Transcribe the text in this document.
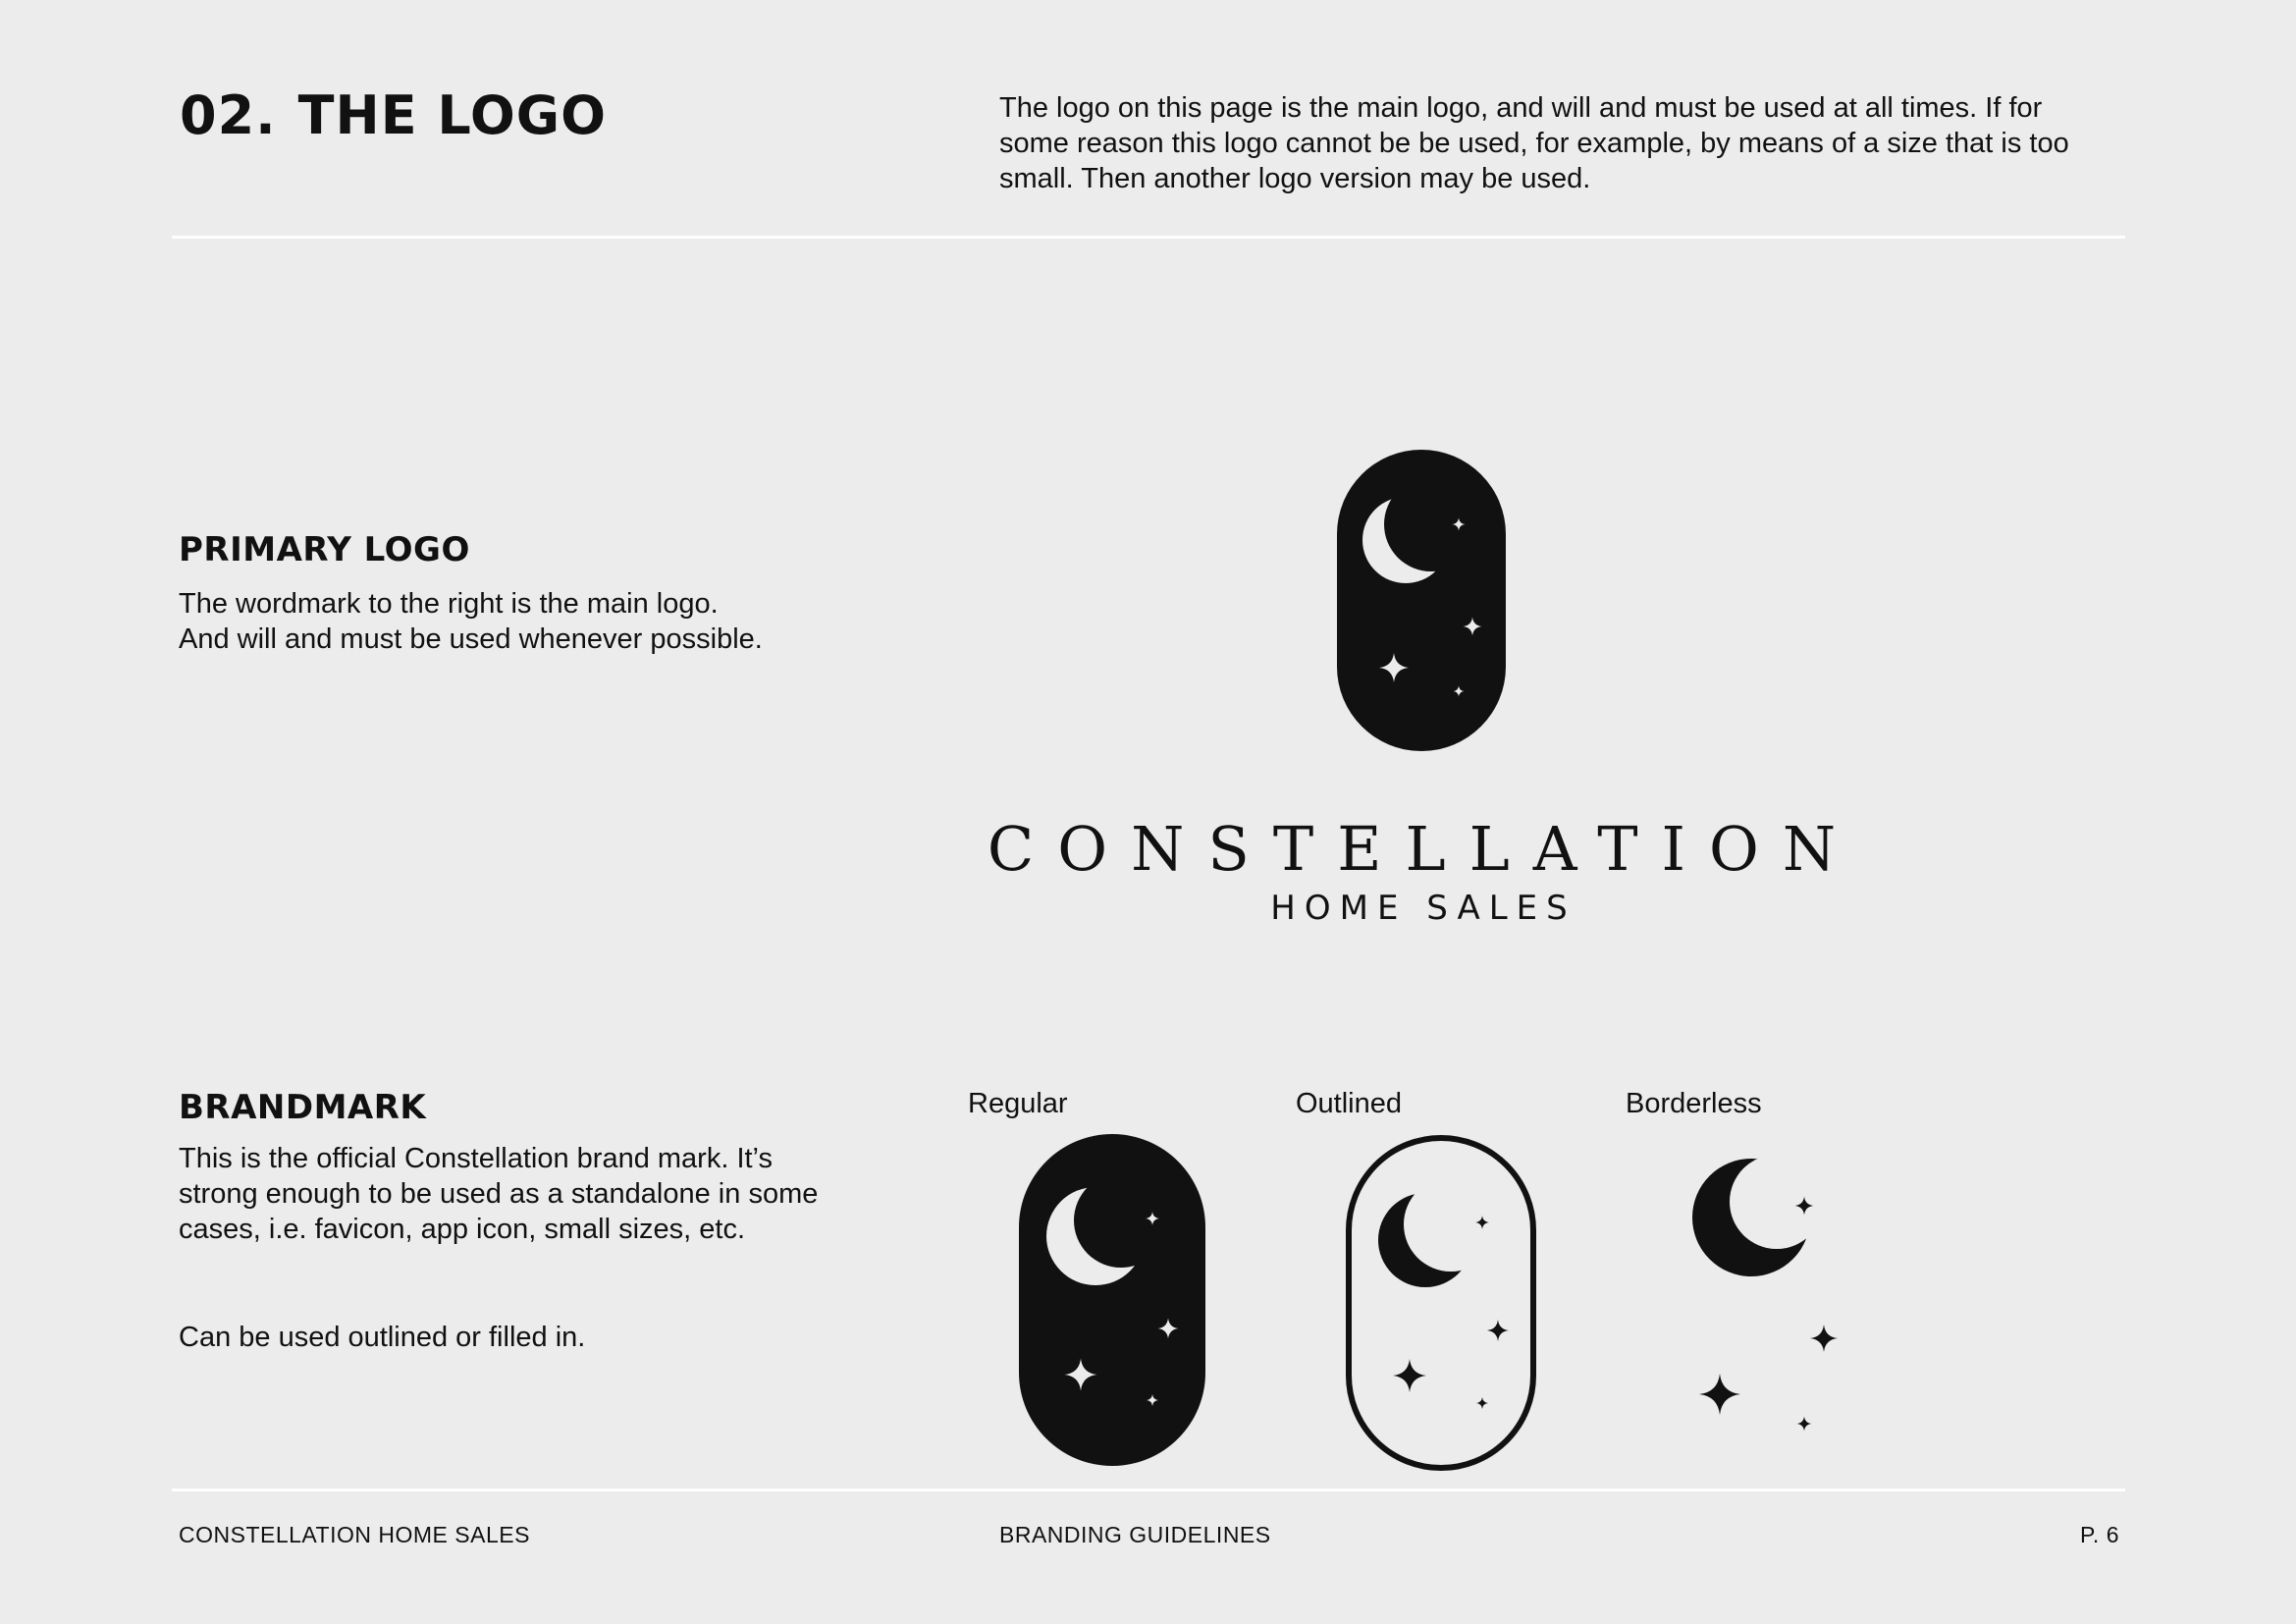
02. THE LOGO	The logo on this page is the main logo, and will and must be used at all times. If for some reason this logo cannot be be used, for example, by means of a size that is too small. Then another logo version may be used.
PRIMARY LOGO

The wordmark to the right is the main logo.

And will and must be used whenever possible.

CONSTELLATION
HOME SALES
BRANDMARK
This is the official Constellation brand mark. It’s strong enough to be used as a standalone in some cases, i.e. favicon, app icon, small sizes, etc.
Can be used outlined or filled in.
Regular	Outlined	Borderless
CONSTELLATION HOME SALES	BRANDING GUIDELINES	P. 6
